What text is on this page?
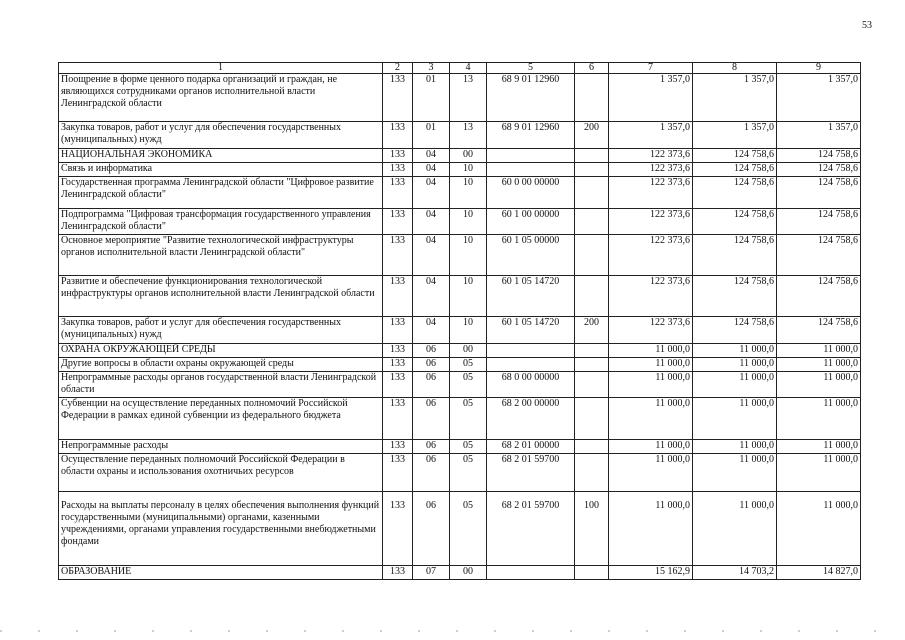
53
1	2	3	4	5	6	7	8	9
Поощрение в форме ценного подарка организаций и граждан, не являющихся сотрудниками органов исполнительной власти Ленинградской области	133	01	13	68 9 01 12960		1 357,0	1 357,0	1 357,0
Закупка товаров, работ и услуг для обеспечения государственных (муниципальных) нужд	133	01	13	68 9 01 12960	200	1 357,0	1 357,0	1 357,0
НАЦИОНАЛЬНАЯ ЭКОНОМИКА	133	04	00			122 373,6	124 758,6	124 758,6
Связь и информатика	133	04	10			122 373,6	124 758,6	124 758,6
Государственная программа Ленинградской области "Цифровое развитие Ленинградской области"	133	04	10	60 0 00 00000		122 373,6	124 758,6	124 758,6
Подпрограмма "Цифровая трансформация государственного управления Ленинградской области"	133	04	10	60 1 00 00000		122 373,6	124 758,6	124 758,6
Основное мероприятие "Развитие технологической инфраструктуры органов исполнительной власти Ленинградской области"	133	04	10	60 1 05 00000		122 373,6	124 758,6	124 758,6
Развитие и обеспечение функционирования технологической инфраструктуры органов исполнительной власти Ленинградской области	133	04	10	60 1 05 14720		122 373,6	124 758,6	124 758,6
Закупка товаров, работ и услуг для обеспечения государственных (муниципальных) нужд	133	04	10	60 1 05 14720	200	122 373,6	124 758,6	124 758,6
ОХРАНА ОКРУЖАЮЩЕЙ СРЕДЫ	133	06	00			11 000,0	11 000,0	11 000,0
Другие вопросы в области охраны окружающей среды	133	06	05			11 000,0	11 000,0	11 000,0
Непрограммные расходы органов государственной власти Ленинградской области	133	06	05	68 0 00 00000		11 000,0	11 000,0	11 000,0
Субвенции на осуществление переданных полномочий Российской Федерации в рамках единой субвенции из федерального бюджета	133	06	05	68 2 00 00000		11 000,0	11 000,0	11 000,0
Непрограммные расходы	133	06	05	68 2 01 00000		11 000,0	11 000,0	11 000,0
Осуществление переданных полномочий Российской Федерации в области охраны и использования охотничьих ресурсов	133	06	05	68 2 01 59700		11 000,0	11 000,0	11 000,0
Расходы на выплаты персоналу в целях обеспечения выполнения функций государственными (муниципальными) органами, казенными учреждениями, органами управления государственными внебюджетными фондами	133	06	05	68 2 01 59700	100	11 000,0	11 000,0	11 000,0
ОБРАЗОВАНИЕ	133	07	00			15 162,9	14 703,2	14 827,0
